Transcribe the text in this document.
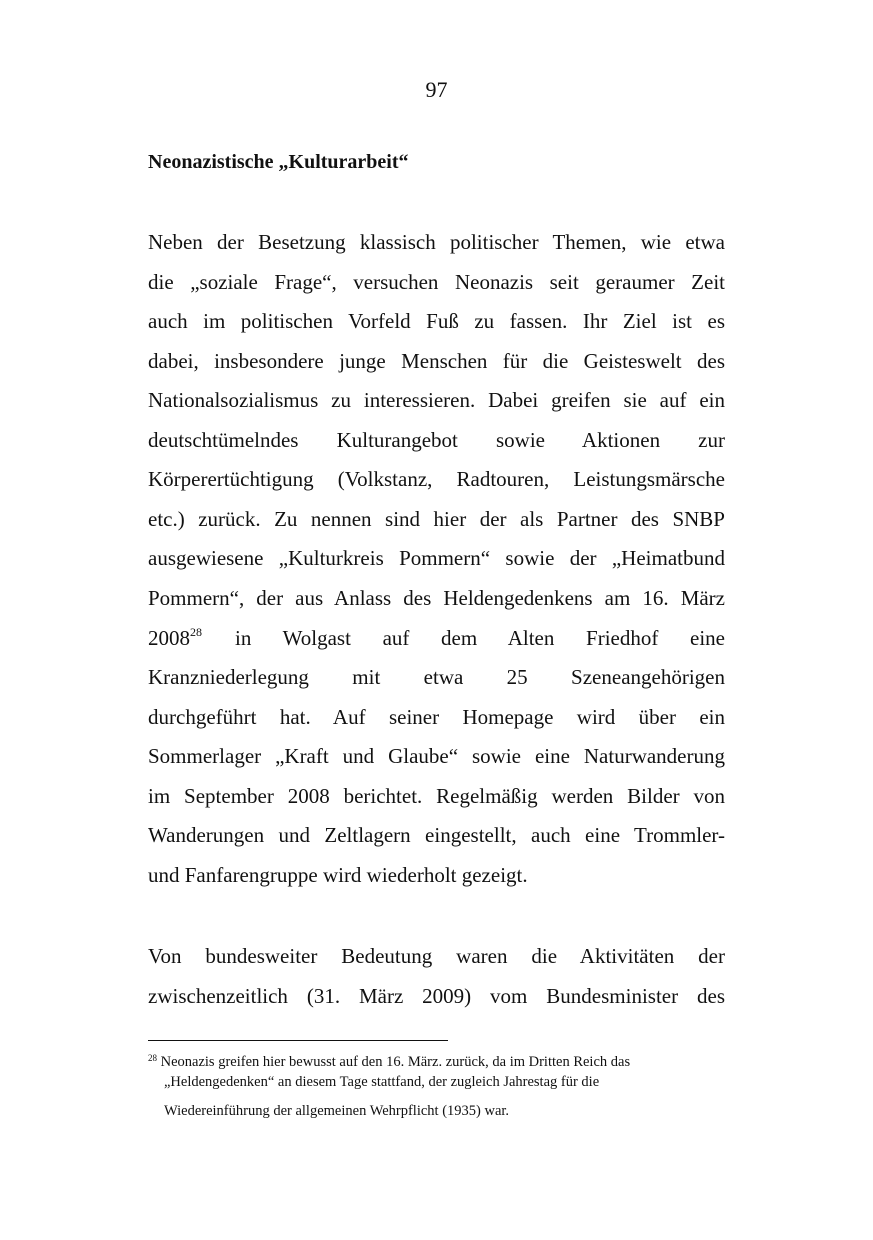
97
Neonazistische „Kulturarbeit“
Neben der Besetzung klassisch politischer Themen, wie etwa
die „soziale Frage“, versuchen Neonazis seit geraumer Zeit
auch im politischen Vorfeld Fuß zu fassen. Ihr Ziel ist es
dabei, insbesondere junge Menschen für die Geisteswelt des
Nationalsozialismus zu interessieren. Dabei greifen sie auf ein
deutschtümelndes Kulturangebot sowie Aktionen zur
Körperertüchtigung (Volkstanz, Radtouren, Leistungsmärsche
etc.) zurück. Zu nennen sind hier der als Partner des SNBP
ausgewiesene „Kulturkreis Pommern“ sowie der „Heimatbund
Pommern“, der aus Anlass des Heldengedenkens am 16. März
2008$^{28}$ in Wolgast auf dem Alten Friedhof eine
Kranzniederlegung mit etwa 25 Szeneangehörigen
durchgeführt hat. Auf seiner Homepage wird über ein
Sommerlager „Kraft und Glaube“ sowie eine Naturwanderung
im September 2008 berichtet. Regelmäßig werden Bilder von
Wanderungen und Zeltlagern eingestellt, auch eine Trommler-
und Fanfarengruppe wird wiederholt gezeigt.
Von bundesweiter Bedeutung waren die Aktivitäten der
zwischenzeitlich (31. März 2009) vom Bundesminister des
$^{28}$ Neonazis greifen hier bewusst auf den 16. März. zurück, da im Dritten Reich das
„Heldengedenken“ an diesem Tage stattfand, der zugleich Jahrestag für die
Wiedereinführung der allgemeinen Wehrpflicht (1935) war.
